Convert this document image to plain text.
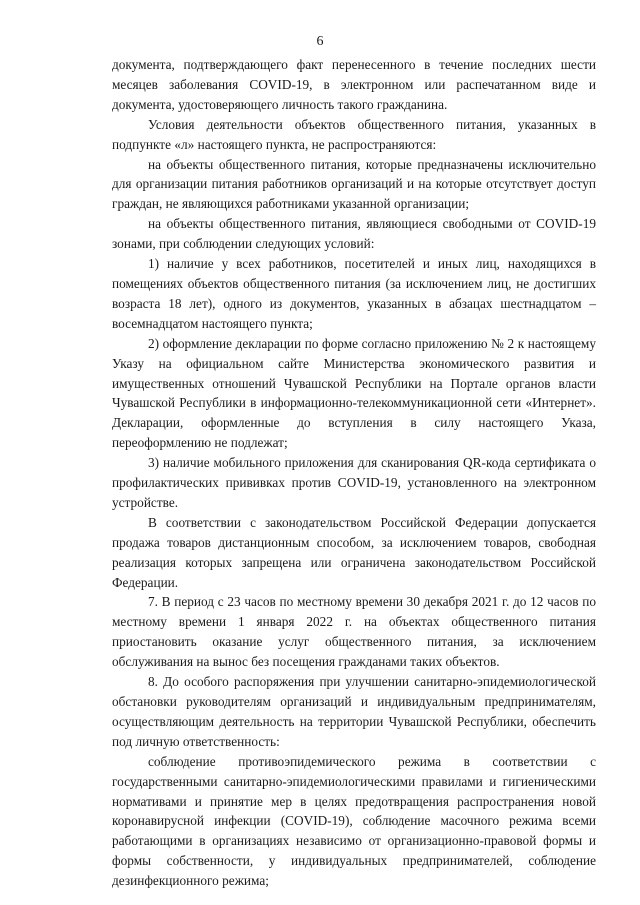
6

документа, подтверждающего факт перенесенного в течение последних шести месяцев заболевания COVID-19, в электронном или распечатанном виде и документа, удостоверяющего личность такого гражданина.

Условия деятельности объектов общественного питания, указанных в подпункте «л» настоящего пункта, не распространяются:

на объекты общественного питания, которые предназначены исключительно для организации питания работников организаций и на которые отсутствует доступ граждан, не являющихся работниками указанной организации;

на объекты общественного питания, являющиеся свободными от COVID-19 зонами, при соблюдении следующих условий:

1) наличие у всех работников, посетителей и иных лиц, находящихся в помещениях объектов общественного питания (за исключением лиц, не достигших возраста 18 лет), одного из документов, указанных в абзацах шестнадцатом – восемнадцатом настоящего пункта;

2) оформление декларации по форме согласно приложению № 2 к настоящему Указу на официальном сайте Министерства экономического развития и имущественных отношений Чувашской Республики на Портале органов власти Чувашской Республики в информационно-телекоммуникационной сети «Интернет». Декларации, оформленные до вступления в силу настоящего Указа, переоформлению не подлежат;

3) наличие мобильного приложения для сканирования QR-кода сертификата о профилактических прививках против COVID-19, установленного на электронном устройстве.

В соответствии с законодательством Российской Федерации допускается продажа товаров дистанционным способом, за исключением товаров, свободная реализация которых запрещена или ограничена законодательством Российской Федерации.

7. В период с 23 часов по местному времени 30 декабря 2021 г. до 12 часов по местному времени 1 января 2022 г. на объектах общественного питания приостановить оказание услуг общественного питания, за исключением обслуживания на вынос без посещения гражданами таких объектов.

8. До особого распоряжения при улучшении санитарно-эпидемиологической обстановки руководителям организаций и индивидуальным предпринимателям, осуществляющим деятельность на территории Чувашской Республики, обеспечить под личную ответственность:

соблюдение противоэпидемического режима в соответствии с государственными санитарно-эпидемиологическими правилами и гигиеническими нормативами и принятие мер в целях предотвращения распространения новой коронавирусной инфекции (COVID-19), соблюдение масочного режима всеми работающими в организациях независимо от организационно-правовой формы и формы собственности, у индивидуальных предпринимателей, соблюдение дезинфекционного режима;
